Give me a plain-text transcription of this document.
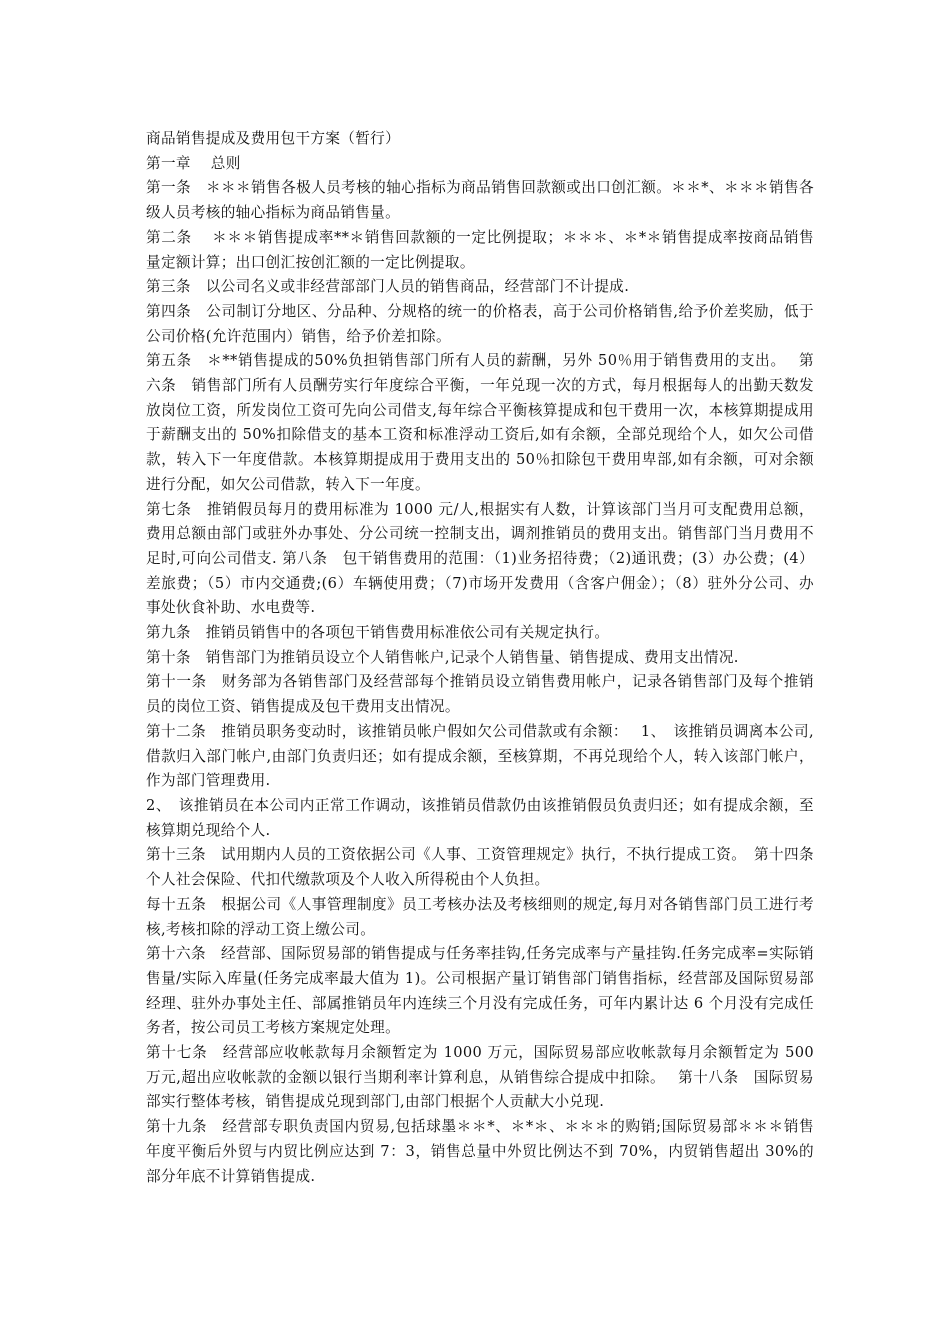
商品销售提成及费用包干方案（暂行）

第一章　 总则

第一条　＊＊＊销售各极人员考核的轴心指标为商品销售回款额或出口创汇额。＊＊*、＊＊＊销售各级人员考核的轴心指标为商品销售量。

第二条　 ＊＊＊销售提成率**＊销售回款额的一定比例提取；＊＊＊、＊*＊销售提成率按商品销售量定额计算；出口创汇按创汇额的一定比例提取。

第三条　以公司名义或非经营部部门人员的销售商品，经营部门不计提成.

第四条　公司制订分地区、分品种、分规格的统一的价格表，高于公司价格销售,给予价差奖励，低于公司价格(允许范围内）销售，给予价差扣除。

第五条　＊**销售提成的50%负担销售部门所有人员的薪酬，另外 50％用于销售费用的支出。　 第六条　销售部门所有人员酬劳实行年度综合平衡，一年兑现一次的方式，每月根据每人的出勤天数发放岗位工资，所发岗位工资可先向公司借支,每年综合平衡核算提成和包干费用一次，本核算期提成用于薪酬支出的 50%扣除借支的基本工资和标准浮动工资后,如有余额，全部兑现给个人，如欠公司借款，转入下一年度借款。本核算期提成用于费用支出的 50％扣除包干费用卑部,如有余额，可对余额进行分配，如欠公司借款，转入下一年度。

第七条　推销假员每月的费用标准为 1000 元/人,根据实有人数，计算该部门当月可支配费用总额，费用总额由部门或驻外办事处、分公司统一控制支出，调剂推销员的费用支出。销售部门当月费用不足时,可向公司借支. 第八条　包干销售费用的范围：（1)业务招待费；（2)通讯费；(3）办公费；(4）差旅费；（5）市内交通费;(6）车辆使用费；（7)市场开发费用（含客户佣金）；（8）驻外分公司、办事处伙食补助、水电费等.

第九条　推销员销售中的各项包干销售费用标准依公司有关规定执行。

第十条　销售部门为推销员设立个人销售帐户,记录个人销售量、销售提成、费用支出情况.

第十一条　财务部为各销售部门及经营部每个推销员设立销售费用帐户，记录各销售部门及每个推销员的岗位工资、销售提成及包干费用支出情况。

第十二条　推销员职务变动时，该推销员帐户假如欠公司借款或有余额：　 1、　该推销员调离本公司,借款归入部门帐户,由部门负责归还；如有提成余额，至核算期，不再兑现给个人，转入该部门帐户，作为部门管理费用.

2、　该推销员在本公司内正常工作调动，该推销员借款仍由该推销假员负责归还；如有提成余额，至核算期兑现给个人.

第十三条　试用期内人员的工资依据公司《人事、工资管理规定》执行，不执行提成工资。　第十四条　个人社会保险、代扣代缴款项及个人收入所得税由个人负担。

每十五条　根据公司《人事管理制度》员工考核办法及考核细则的规定,每月对各销售部门员工进行考核,考核扣除的浮动工资上缴公司。

第十六条　经营部、国际贸易部的销售提成与任务率挂钩,任务完成率与产量挂钩.任务完成率=实际销售量/实际入库量(任务完成率最大值为 1)。公司根据产量订销售部门销售指标，经营部及国际贸易部经理、驻外办事处主任、部属推销员年内连续三个月没有完成任务，可年内累计达 6 个月没有完成任务者，按公司员工考核方案规定处理。

第十七条　经营部应收帐款每月余额暂定为 1000 万元，国际贸易部应收帐款每月余额暂定为 500 万元,超出应收帐款的金额以银行当期利率计算利息，从销售综合提成中扣除。　 第十八条　国际贸易部实行整体考核，销售提成兑现到部门,由部门根据个人贡献大小兑现.

第十九条　经营部专职负责国内贸易,包括球墨＊＊*、＊*＊、＊＊＊的购销;国际贸易部＊＊＊销售年度平衡后外贸与内贸比例应达到 7：3，销售总量中外贸比例达不到 70%，内贸销售超出 30%的部分年底不计算销售提成.
